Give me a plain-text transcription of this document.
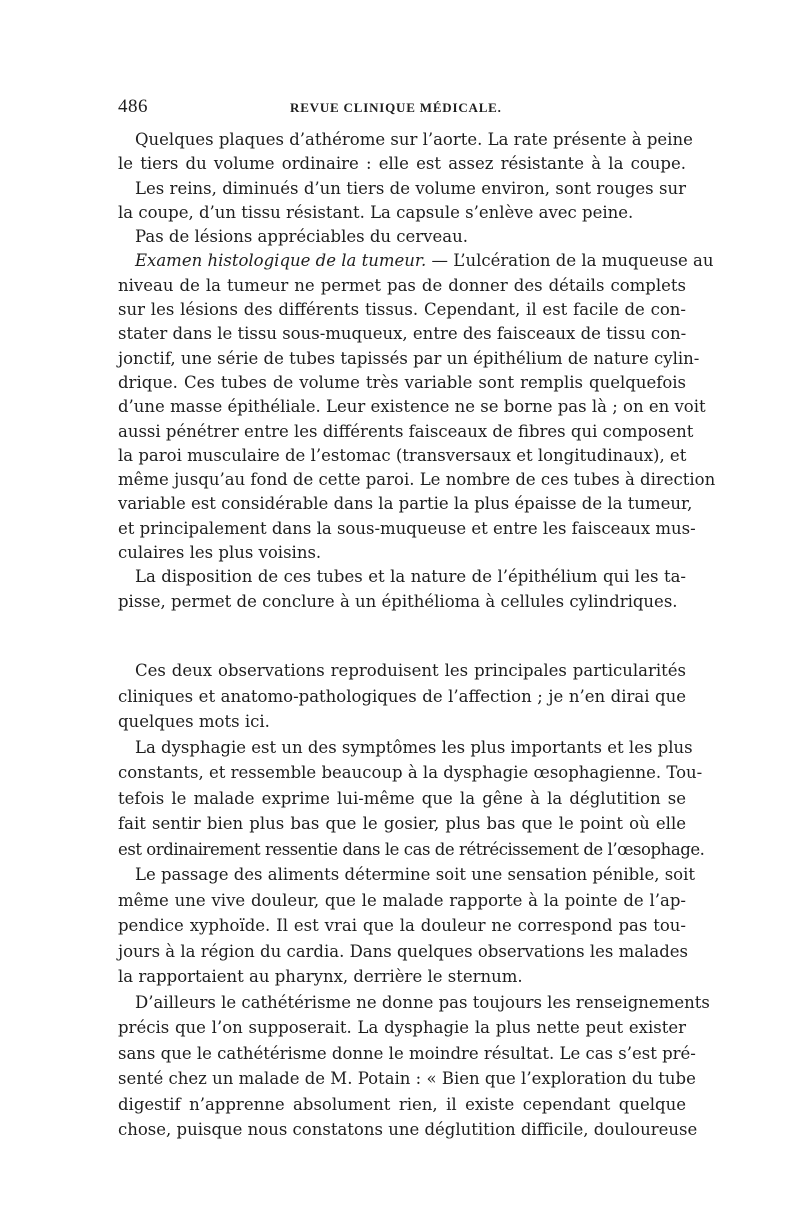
486	REVUE CLINIQUE MÉDICALE.
Quelques plaques d’athérome sur l’aorte. La rate présente à peine
le tiers du volume ordinaire : elle est assez résistante à la coupe.
Les reins, diminués d’un tiers de volume environ, sont rouges sur
la coupe, d’un tissu résistant. La capsule s’enlève avec peine.
Pas de lésions appréciables du cerveau.
Examen histologique de la tumeur. — L’ulcération de la muqueuse au
niveau de la tumeur ne permet pas de donner des détails complets
sur les lésions des différents tissus. Cependant, il est facile de con-
stater dans le tissu sous-muqueux, entre des faisceaux de tissu con-
jonctif, une série de tubes tapissés par un épithélium de nature cylin-
drique. Ces tubes de volume très variable sont remplis quelquefois
d’une masse épithéliale. Leur existence ne se borne pas là ; on en voit
aussi pénétrer entre les différents faisceaux de fibres qui composent
la paroi musculaire de l’estomac (transversaux et longitudinaux), et
même jusqu’au fond de cette paroi. Le nombre de ces tubes à direction
variable est considérable dans la partie la plus épaisse de la tumeur,
et principalement dans la sous-muqueuse et entre les faisceaux mus-
culaires les plus voisins.
La disposition de ces tubes et la nature de l’épithélium qui les ta-
pisse, permet de conclure à un épithélioma à cellules cylindriques.
Ces deux observations reproduisent les principales particularités
cliniques et anatomo-pathologiques de l’affection ; je n’en dirai que
quelques mots ici.
La dysphagie est un des symptômes les plus importants et les plus
constants, et ressemble beaucoup à la dysphagie œsophagienne. Tou-
tefois le malade exprime lui-même que la gêne à la déglutition se
fait sentir bien plus bas que le gosier, plus bas que le point où elle
est ordinairement ressentie dans le cas de rétrécissement de l’œsophage.
Le passage des aliments détermine soit une sensation pénible, soit
même une vive douleur, que le malade rapporte à la pointe de l’ap-
pendice xyphoïde. Il est vrai que la douleur ne correspond pas tou-
jours à la région du cardia. Dans quelques observations les malades
la rapportaient au pharynx, derrière le sternum.
D’ailleurs le cathétérisme ne donne pas toujours les renseignements
précis que l’on supposerait. La dysphagie la plus nette peut exister
sans que le cathétérisme donne le moindre résultat. Le cas s’est pré-
senté chez un malade de M. Potain : « Bien que l’exploration du tube
digestif n’apprenne absolument rien, il existe cependant quelque
chose, puisque nous constatons une déglutition difficile, douloureuse
